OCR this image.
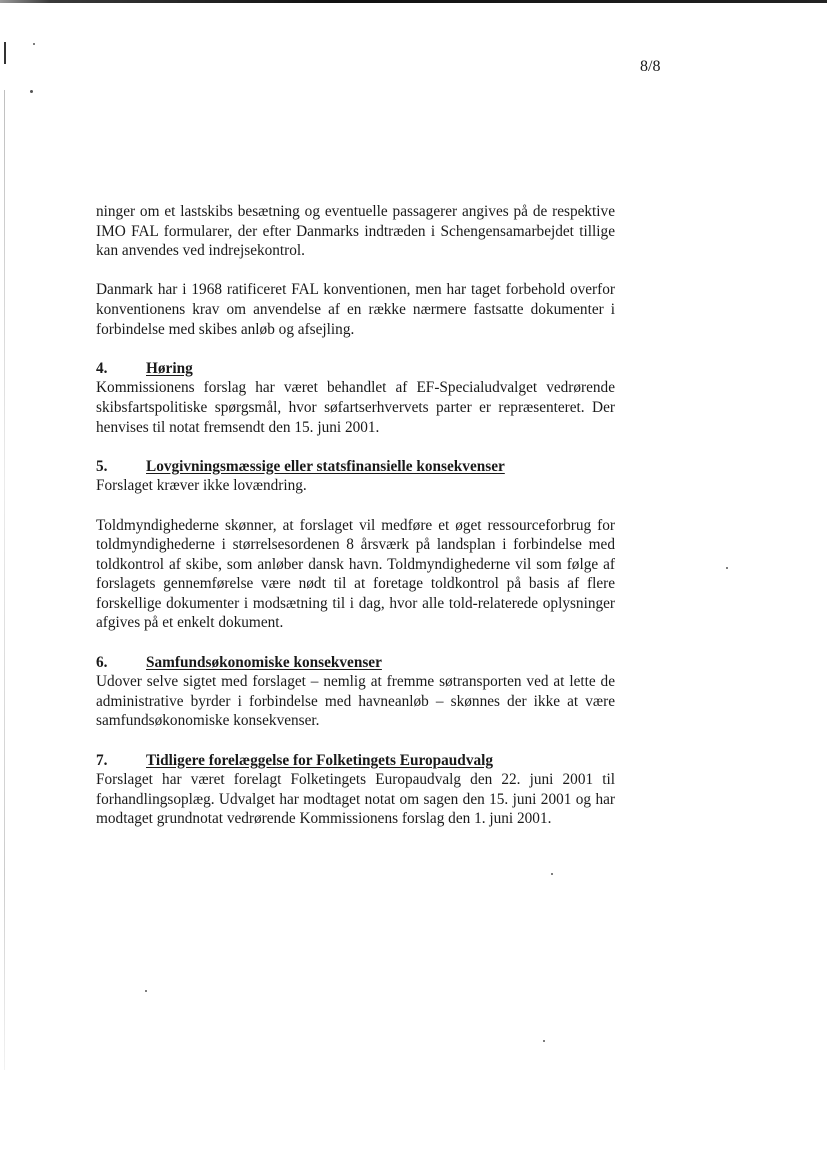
8/8

ninger om et lastskibs besætning og eventuelle passagerer angives på de respektive IMO FAL formularer, der efter Danmarks indtræden i Schengensamarbejdet tillige kan anvendes ved indrejsekontrol.

Danmark har i 1968 ratificeret FAL konventionen, men har taget forbehold overfor konventionens krav om anvendelse af en række nærmere fastsatte dokumenter i forbindelse med skibes anløb og afsejling.

4.	Høring

Kommissionens forslag har været behandlet af EF-Specialudvalget vedrørende skibsfartspolitiske spørgsmål, hvor søfartserhvervets parter er repræsenteret. Der henvises til notat fremsendt den 15. juni 2001.

5.	Lovgivningsmæssige eller statsfinansielle konsekvenser

Forslaget kræver ikke lovændring.

Toldmyndighederne skønner, at forslaget vil medføre et øget ressourceforbrug for toldmyndighederne i størrelsesordenen 8 årsværk på landsplan i forbindelse med toldkontrol af skibe, som anløber dansk havn. Toldmyndighederne vil som følge af forslagets gennemførelse være nødt til at foretage toldkontrol på basis af flere forskellige dokumenter i modsætning til i dag, hvor alle told-relaterede oplysninger afgives på et enkelt dokument.

6.	Samfundsøkonomiske konsekvenser

Udover selve sigtet med forslaget – nemlig at fremme søtransporten ved at lette de administrative byrder i forbindelse med havneanløb – skønnes der ikke at være samfundsøkonomiske konsekvenser.

7.	Tidligere forelæggelse for Folketingets Europaudvalg

Forslaget har været forelagt Folketingets Europaudvalg den 22. juni 2001 til forhandlingsoplæg. Udvalget har modtaget notat om sagen den 15. juni 2001 og har modtaget grundnotat vedrørende Kommissionens forslag den 1. juni 2001.
